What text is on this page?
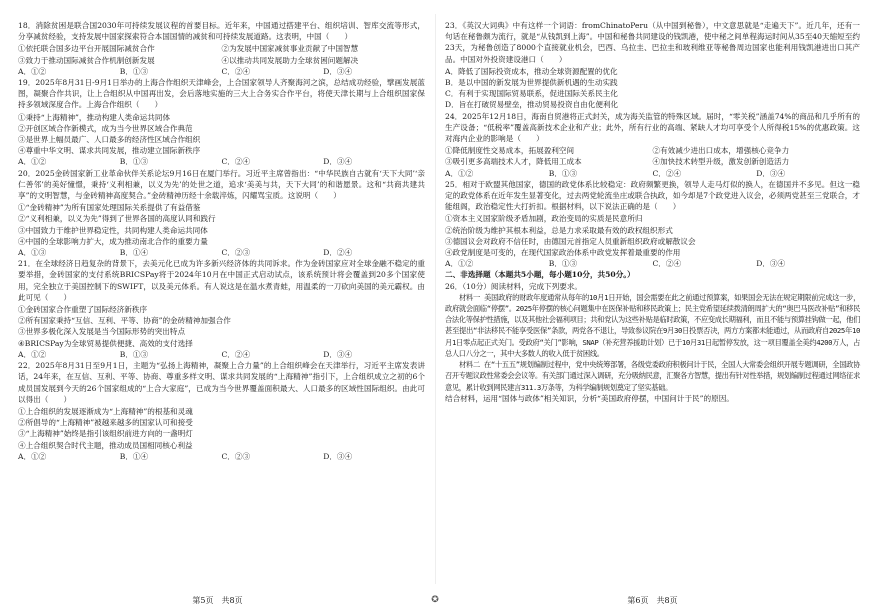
18．消除贫困是联合国2030年可持续发展议程的首要目标。近年来，中国通过搭建平台、组织培训、智库交流等形式，分享减贫经验，支持发展中国家探索符合本国国情的减贫和可持续发展道路。这表明，中国（　　）

①依托联合国多边平台开展国际减贫合作	②为发展中国家减贫事业贡献了中国智慧
③致力于推动国际减贫合作机制创新发展	④以推动共同发展助力全球贫困问题解决
A．①②	B．①③	C．②④	D．③④

19．2025年8月31日-9月1日举办的上海合作组织天津峰会，上合国家领导人齐聚海河之滨，总结成功经验，擘画发展蓝图，凝聚合作共识，让上合组织从中国再出发，会后落地实施的三大上合务实合作平台，将使天津长期与上合组织国家保持多领域深度合作。上海合作组织（　　）

①秉持“上海精神”，推动构建人类命运共同体
②开创区域合作新模式，成为当今世界区域合作典范
③是世界上幅员最广、人口最多的经济性区域合作组织
④尊重中华文明、谋求共同发展，推动建立国际新秩序
A．①②	B．①③	C．②④	D．③④

20．2025金砖国家新工业革命伙伴关系论坛9月16日在厦门举行。习近平主席曾指出：“中华民族自古就有‘天下大同’‘亲仁善邻’的美好憧憬，秉持‘义利相兼，以义为先’的处世之道，追求‘美美与共，天下大同’的和谐愿景。这和“共商共建共享”的文明智慧，与金砖精神高度契合。”金砖精神历经十余载淬炼，闪耀骂宝质。这说明（　　）

①“金砖精神”为所有国家处理国际关系提供了有益借鉴
②“义利相兼，以义为先”得到了世界各国的高度认同和践行
③中国致力于维护世界稳定性，共同构建人类命运共同体
④中国的全球影响力扩大，成为推动南北合作的重要力量
A．①③	B．①④	C．②③	D．②④

21．在全球经济日趋复杂的背景下，去美元化已成为许多新兴经济体的共同诉求。作为金砖国家应对全球金融不稳定的重要举措，金砖国家的支付系统BRICSPay将于2024年10月在中国正式启动试点，该系统预计将会覆盖到20多个国家使用，完全独立于美国控制下的SWIFT，以及美元体系。有人说这是在温水煮青蛙，用温柔的一刀砍向美国的美元霸权。由此可见（　　）

①金砖国家合作重塑了国际经济新秩序
②所有国家秉持“互信、互利、平等、协商”的金砖精神加强合作
③世界多极化深入发展是当今国际形势的突出特点
④BRICSPay为全球贸易提供便捷、高效的支付选择
A．①②	B．①③	C．②④	D．③④

22．2025年8月31日至9月1日，主题为“弘扬上海精神，凝聚上合力量”的上合组织峰会在天津举行，习近平主席发表讲话，24年来，在互信、互利、平等、协商、尊重多样文明、谋求共同发展的“上海精神”指引下，上合组织成立之初的6个成员国发展到今天的26个国家组成的“上合大家庭”，已成为当今世界覆盖面积最大、人口最多的区域性国际组织。由此可以得出（　　）

①上合组织的发展逐渐成为“上海精神”的根基和灵魂
②所倡导的“上海精神”被越来越多的国家认可和接受
③“上海精神”始终是指引该组织前进方向的一盏明灯
④上合组织契合时代主题，推动成员国相同核心利益
A．①②	B．①④	C．②③	D．③④
第5页　共8页	✪

23．《英汉大词典》中有这样一个词语：fromChinatoPeru（从中国到秘鲁），中文意思就是“走遍天下”。近几年，还有一句话在秘鲁颇为流行，就是“从钱凯到上海”。中国和秘鲁共同建设的钱凯港，使中秘之间单程海运时间从35至40天缩短至约23天，为秘鲁创造了8000个直接就业机会，巴西、乌拉圭、巴拉圭和玻利维亚等秘鲁周边国家也能利用钱凯港进出口其产品。中国对外投资建设港口（　　）

A．降低了国际投资成本，推动全球资源配置的优化
B．是以中国的新发展为世界提供新机遇的生动实践
C．有利于实现国际贸易联系，促进国际关系民主化
D．旨在打破贸易壁垒，推动贸易投资自由化便利化

24．2025年12月18日，海南自贸港将正式封关，成为海关监管的特殊区域。届时，“零关税”涵盖74%的商品和几乎所有的生产设备；“低税率”覆盖高新技术企业和产业；此外，所有行业的高端、紧缺人才均可享受个人所得税15%的优惠政策。这对海内企业的影响是（　　）

①降低制度性交易成本，拓展盈利空间	②有效减少进出口成本，增强核心竞争力
③吸引更多高端技术人才，降低用工成本	④加快技术转型升级，激发创新创造活力
A．①②	B．①③	C．②④	D．③④

25．相对于欧盟其他国家，德国的政党体系比较稳定：政府频繁更换，领导人走马灯似的换人，在德国并不多见。但这一稳定的政党体系在近年发生显著变化，过去两党轮流坐庄或联合执政，如今却是7个政党进入议会，必须两党甚至三党联合，才能组阁，政治稳定性大打折扣。根据材料，以下说法正确的是（　　）

①资本主义国家阶级矛盾加剧，政治变局的实质是民意所归
②统治阶级为维护其根本利益，总是力求采取最有效的政权组织形式
③德国议会对政府不信任时，由德国元首指定人员重新组织政府或解散议会
④政党制度是可变的，在现代国家政治体系中政党发挥着最重要的作用
A．①②	B．①③	C．②④	D．③④
二、非选择题（本题共5小题，每小题10分，共50分。）
26．（10分）阅读材料，完成下列要求。

材料一 美国政府的财政年度通常从每年的10月1日开始，国会需要在此之前通过预算案，如果国会无法在规定期限前完成这一步，政府就会面临“停摆”。2025年停摆的核心问题集中在医保补贴和移民政策上；民主党希望延续拨清朗周扩大的“奥巴马医改补贴”和移民合法化等保护性措施，以及其他社会福利项目；共和党认为这些补贴是临时政策，不应变成长期福利，而且不能与预算挂钩做一起，他们甚至提出“非法移民不能享受医保”条款，两党各不退让，导致参议院在9月30日投票否决，两方方案都未能通过，从而政府自2025年10月1日零点起正式关门。受政府“关门”影响，SNAP（补充营养援助计划）已于10月31日起暂停发放，这一项目覆盖全美约4200万人，占总人口八分之一，其中大多数人的收入低于贫困线。

材料二 在“十五五”规划编制过程中，党中央统筹部署，各级党委政府积极问计于民，全国人大常委会组织开展专题调研，全国政协召开专题议政性常委会会议等。有关部门通过深入调研，充分吸纳民意，汇聚各方智慧，提出有针对性举措，规划编制过程通过网络征求意见，累计收到网民建言311.3万条等，为科学编制规划奠定了坚实基础。

结合材料，运用“国体与政体”相关知识，分析“美国政府停摆，中国问计于民”的原因。
第6页　共8页
